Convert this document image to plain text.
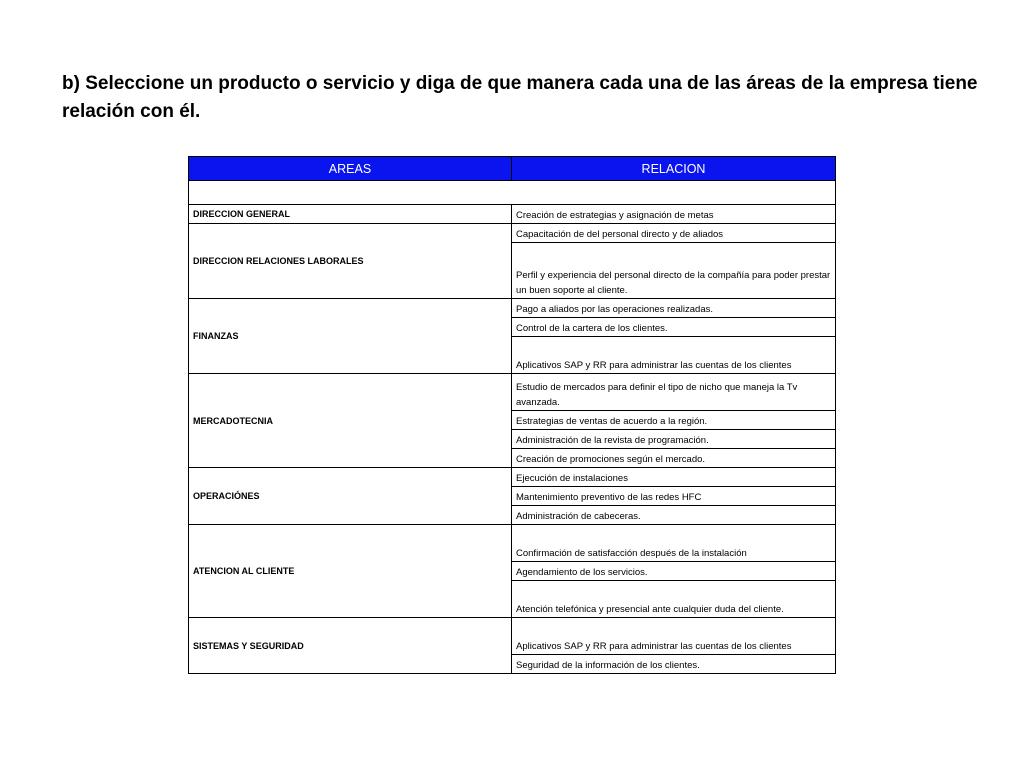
b) Seleccione un producto o servicio y diga de que manera cada una de las áreas de la empresa tiene relación con él.
AREAS	RELACION

DIRECCION GENERAL	Creación de estrategias y asignación de metas
DIRECCION RELACIONES LABORALES	Capacitación de del personal directo y de aliados
	Perfil y experiencia del personal directo de la compañía para poder prestar un buen soporte al cliente.
FINANZAS	Pago a aliados por las operaciones realizadas.
	Control de la cartera de los clientes.
	Aplicativos SAP y RR para administrar las cuentas de los clientes
MERCADOTECNIA	Estudio de mercados para definir el tipo de nicho que maneja la Tv avanzada.
	Estrategias de ventas de acuerdo a la región.
	Administración de la revista de programación.
	Creación de promociones según el mercado.
OPERACIÓNES	Ejecución de instalaciones
	Mantenimiento preventivo de las redes HFC
	Administración de cabeceras.
ATENCION AL CLIENTE	Confirmación de satisfacción después de la instalación
	Agendamiento de los servicios.
	Atención telefónica y presencial ante cualquier duda del cliente.
SISTEMAS Y SEGURIDAD	Aplicativos SAP y RR para administrar las cuentas de los clientes
	Seguridad de la información de los clientes.
